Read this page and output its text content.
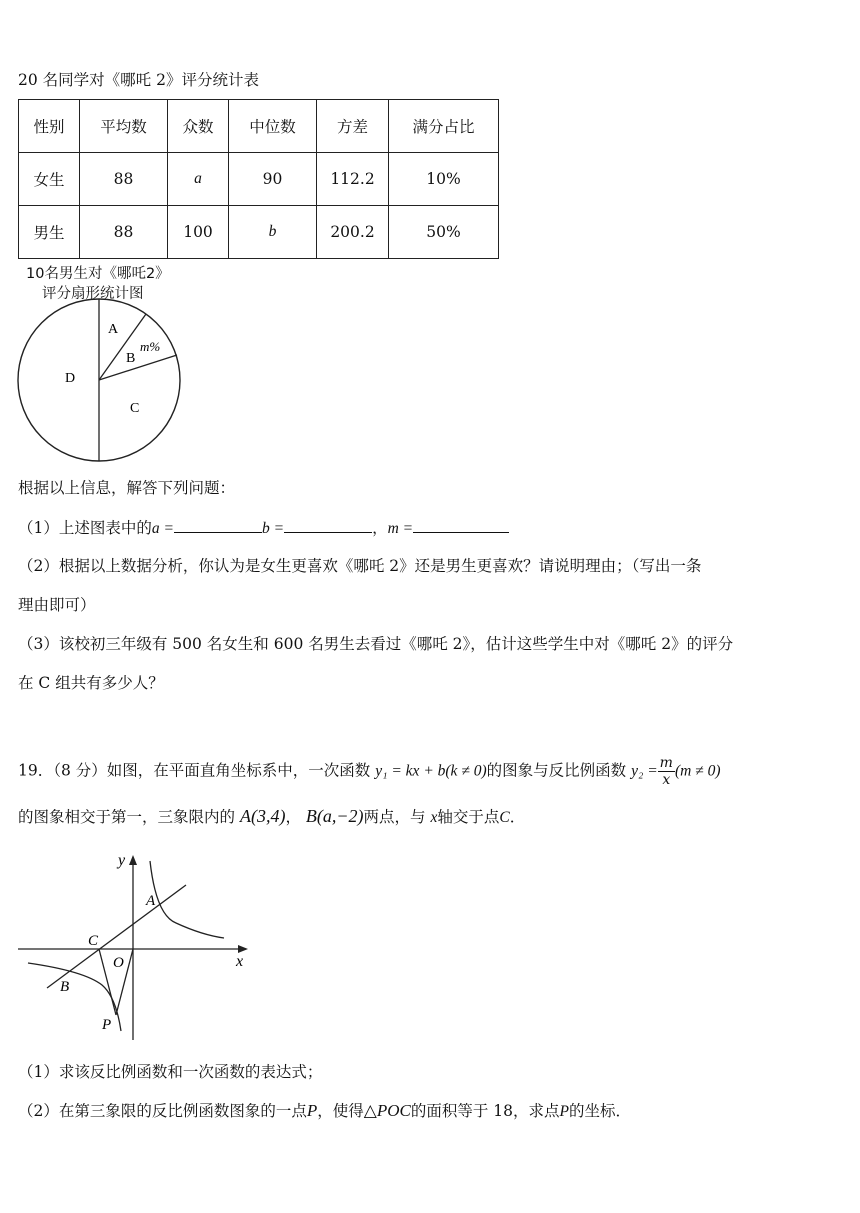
20 名同学对《哪吒 2》评分统计表
性别	平均数	众数	中位数	方差	满分占比
女生	88	a	90	112.2	10%
男生	88	100	b	200.2	50%
10名男生对《哪吒2》
评分扇形统计图
A
B
m%
C
D
根据以上信息，解答下列问题：
（1）上述图表中的a =	b =	，m =
（2）根据以上数据分析，你认为是女生更喜欢《哪吒 2》还是男生更喜欢？请说明理由；（写出一条
理由即可）
（3）该校初三年级有 500 名女生和 600 名男生去看过《哪吒 2》，估计这些学生中对《哪吒 2》的评分
在 C 组共有多少人？
19．（8 分）如图，在平面直角坐标系中，一次函数 y₁ = kx + b(k ≠ 0)的图象与反比例函数 $y_2 = \frac{m}{x} (m \ne 0)$
的图象相交于第一，三象限内的 A(3,4)， B(a,−2)两点，与 x轴交于点C．
y
x
A
C
O
B
P
（1）求该反比例函数和一次函数的表达式；
（2）在第三象限的反比例函数图象的一点P，使得△POC的面积等于 18，求点P的坐标．
